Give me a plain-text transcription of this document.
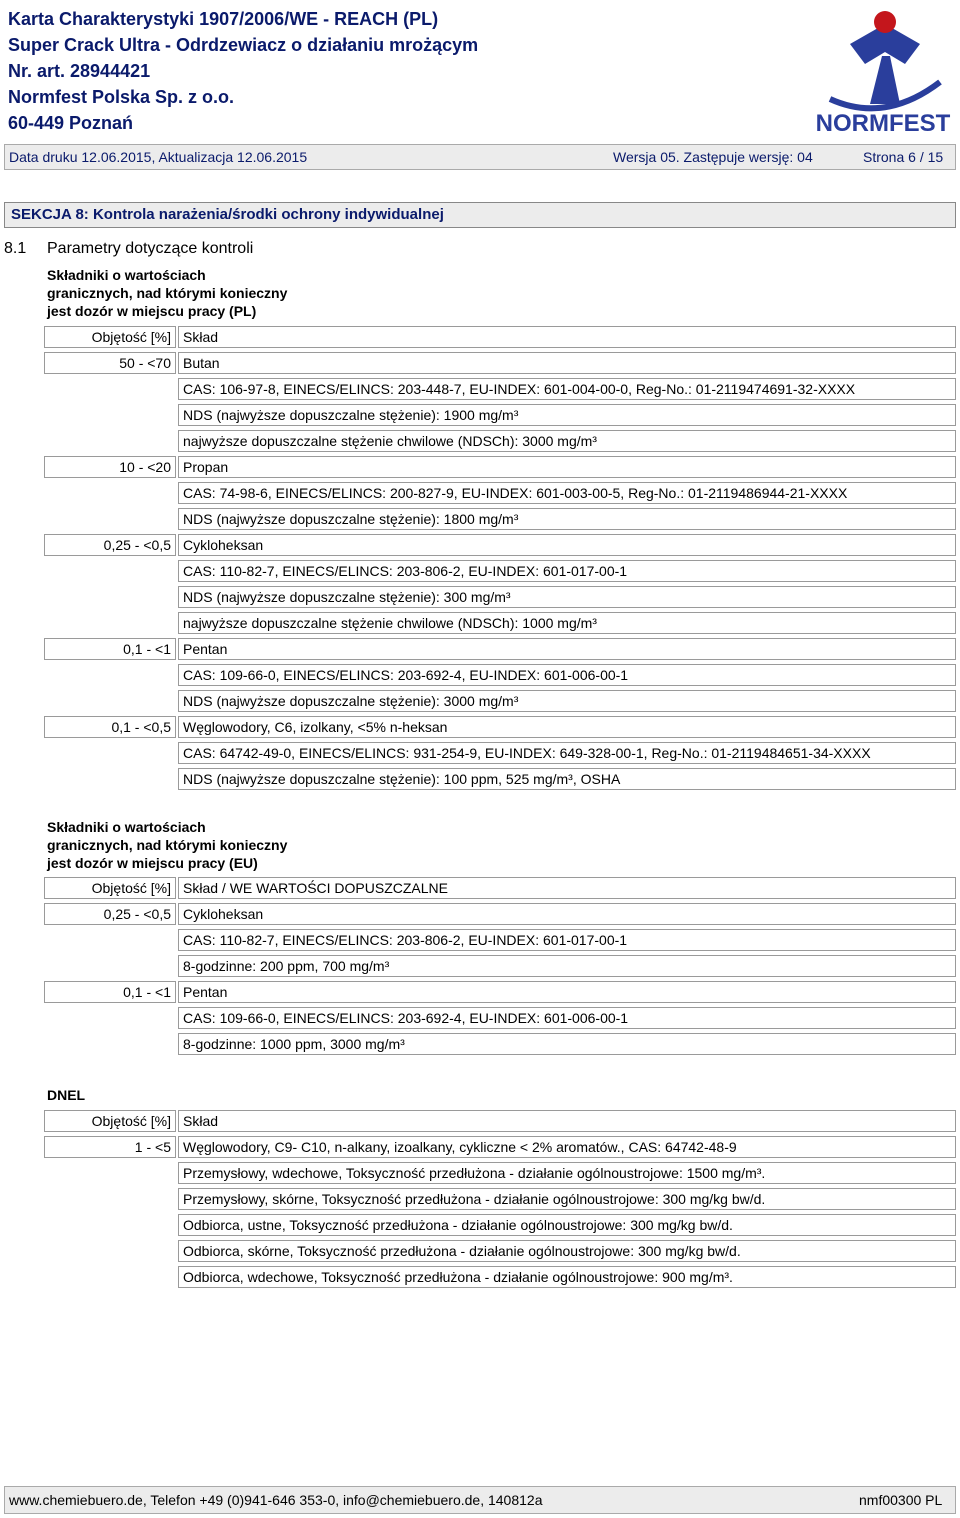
Karta Charakterystyki 1907/2006/WE - REACH (PL)
Super Crack Ultra - Odrdzewiacz o działaniu mrożącym
Nr. art. 28944421
Normfest Polska Sp. z o.o.
60-449 Poznań	NORMFEST
Data druku 12.06.2015, Aktualizacja 12.06.2015	Wersja 05. Zastępuje wersję: 04	Strona 6 / 15
SEKCJA 8: Kontrola narażenia/środki ochrony indywidualnej
8.1 Parametry dotyczące kontroli
Składniki o wartościach
granicznych, nad którymi konieczny
jest dozór w miejscu pracy (PL)
Objętość [%] Skład
50 - <70 Butan
CAS: 106-97-8, EINECS/ELINCS: 203-448-7, EU-INDEX: 601-004-00-0, Reg-No.: 01-2119474691-32-XXXX
NDS (najwyższe dopuszczalne stężenie): 1900 mg/m³
najwyższe dopuszczalne stężenie chwilowe (NDSCh): 3000 mg/m³
10 - <20 Propan
CAS: 74-98-6, EINECS/ELINCS: 200-827-9, EU-INDEX: 601-003-00-5, Reg-No.: 01-2119486944-21-XXXX
NDS (najwyższe dopuszczalne stężenie): 1800 mg/m³
0,25 - <0,5 Cykloheksan
CAS: 110-82-7, EINECS/ELINCS: 203-806-2, EU-INDEX: 601-017-00-1
NDS (najwyższe dopuszczalne stężenie): 300 mg/m³
najwyższe dopuszczalne stężenie chwilowe (NDSCh): 1000 mg/m³
0,1 - <1 Pentan
CAS: 109-66-0, EINECS/ELINCS: 203-692-4, EU-INDEX: 601-006-00-1
NDS (najwyższe dopuszczalne stężenie): 3000 mg/m³
0,1 - <0,5 Węglowodory, C6, izolkany, <5% n-heksan
CAS: 64742-49-0, EINECS/ELINCS: 931-254-9, EU-INDEX: 649-328-00-1, Reg-No.: 01-2119484651-34-XXXX
NDS (najwyższe dopuszczalne stężenie): 100 ppm, 525 mg/m³, OSHA
Składniki o wartościach
granicznych, nad którymi konieczny
jest dozór w miejscu pracy (EU)
Objętość [%] Skład / WE WARTOŚCI DOPUSZCZALNE
0,25 - <0,5 Cykloheksan
CAS: 110-82-7, EINECS/ELINCS: 203-806-2, EU-INDEX: 601-017-00-1
8-godzinne: 200 ppm, 700 mg/m³
0,1 - <1 Pentan
CAS: 109-66-0, EINECS/ELINCS: 203-692-4, EU-INDEX: 601-006-00-1
8-godzinne: 1000 ppm, 3000 mg/m³
DNEL
Objętość [%] Skład
1 - <5 Węglowodory, C9- C10, n-alkany, izoalkany, cykliczne < 2% aromatów., CAS: 64742-48-9
Przemysłowy, wdechowe, Toksyczność przedłużona - działanie ogólnoustrojowe: 1500 mg/m³.
Przemysłowy, skórne, Toksyczność przedłużona - działanie ogólnoustrojowe: 300 mg/kg bw/d.
Odbiorca, ustne, Toksyczność przedłużona - działanie ogólnoustrojowe: 300 mg/kg bw/d.
Odbiorca, skórne, Toksyczność przedłużona - działanie ogólnoustrojowe: 300 mg/kg bw/d.
Odbiorca, wdechowe, Toksyczność przedłużona - działanie ogólnoustrojowe: 900 mg/m³.
www.chemiebuero.de, Telefon +49 (0)941-646 353-0, info@chemiebuero.de, 140812a	nmf00300 PL
